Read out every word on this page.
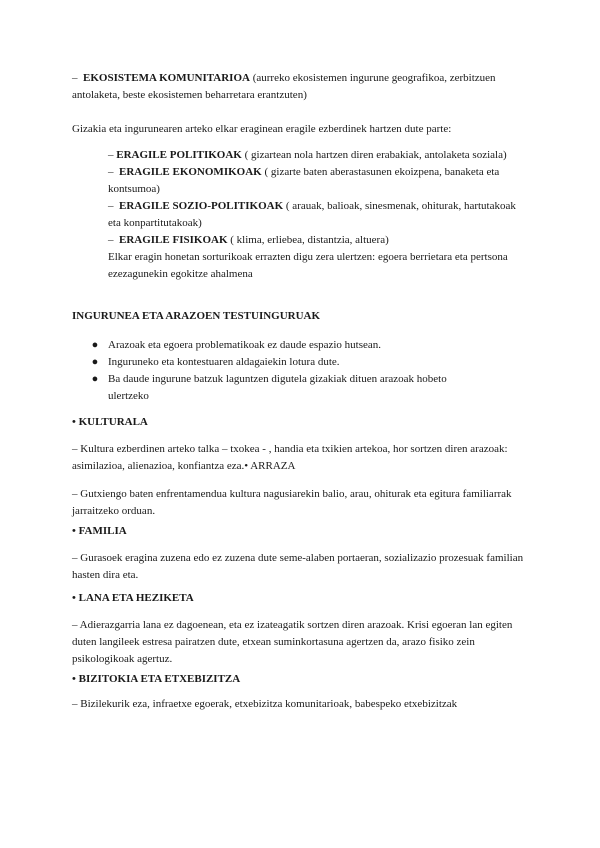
– EKOSISTEMA KOMUNITARIOA (aurreko ekosistemen ingurune geografikoa, zerbitzuen antolaketa, beste ekosistemen beharretara erantzuten)

Gizakia eta ingurunearen arteko elkar eraginean eragile ezberdinek hartzen dute parte:

– ERAGILE POLITIKOAK ( gizartean nola hartzen diren erabakiak, antolaketa soziala)

– ERAGILE EKONOMIKOAK ( gizarte baten aberastasunen ekoizpena, banaketa eta kontsumoa)

– ERAGILE SOZIO-POLITIKOAK ( arauak, balioak, sinesmenak, ohiturak, hartutakoak eta konpartitutakoak)

– ERAGILE FISIKOAK ( klima, erliebea, distantzia, altuera)

Elkar eragin honetan sorturikoak errazten digu zera ulertzen: egoera berrietara eta pertsona ezezagunekin egokitze ahalmena

INGURUNEA ETA ARAZOEN TESTUINGURUAK

● Arazoak eta egoera problematikoak ez daude espazio hutsean.
● Inguruneko eta kontestuaren aldagaiekin lotura dute.
● Ba daude ingurune batzuk laguntzen digutela gizakiak dituen arazoak hobeto ulertzeko

• KULTURALA

– Kultura ezberdinen arteko talka – txokea - , handia eta txikien artekoa, hor sortzen diren arazoak: asimilazioa, alienazioa, konfiantza eza.• ARRAZA

– Gutxiengo baten enfrentamendua kultura nagusiarekin balio, arau, ohiturak eta egitura familiarrak jarraitzeko orduan.

• FAMILIA

– Gurasoek eragina zuzena edo ez zuzena dute seme-alaben portaeran, sozializazio prozesuak familian hasten dira eta.

• LANA ETA HEZIKETA

– Adierazgarria lana ez dagoenean, eta ez izateagatik sortzen diren arazoak. Krisi egoeran lan egiten duten langileek estresa pairatzen dute, etxean suminkortasuna agertzen da, arazo fisiko zein psikologikoak agertuz.

• BIZITOKIA ETA ETXEBIZITZA

– Bizilekurik eza, infraetxe egoerak, etxebizitza komunitarioak, babespeko etxebizitzak
